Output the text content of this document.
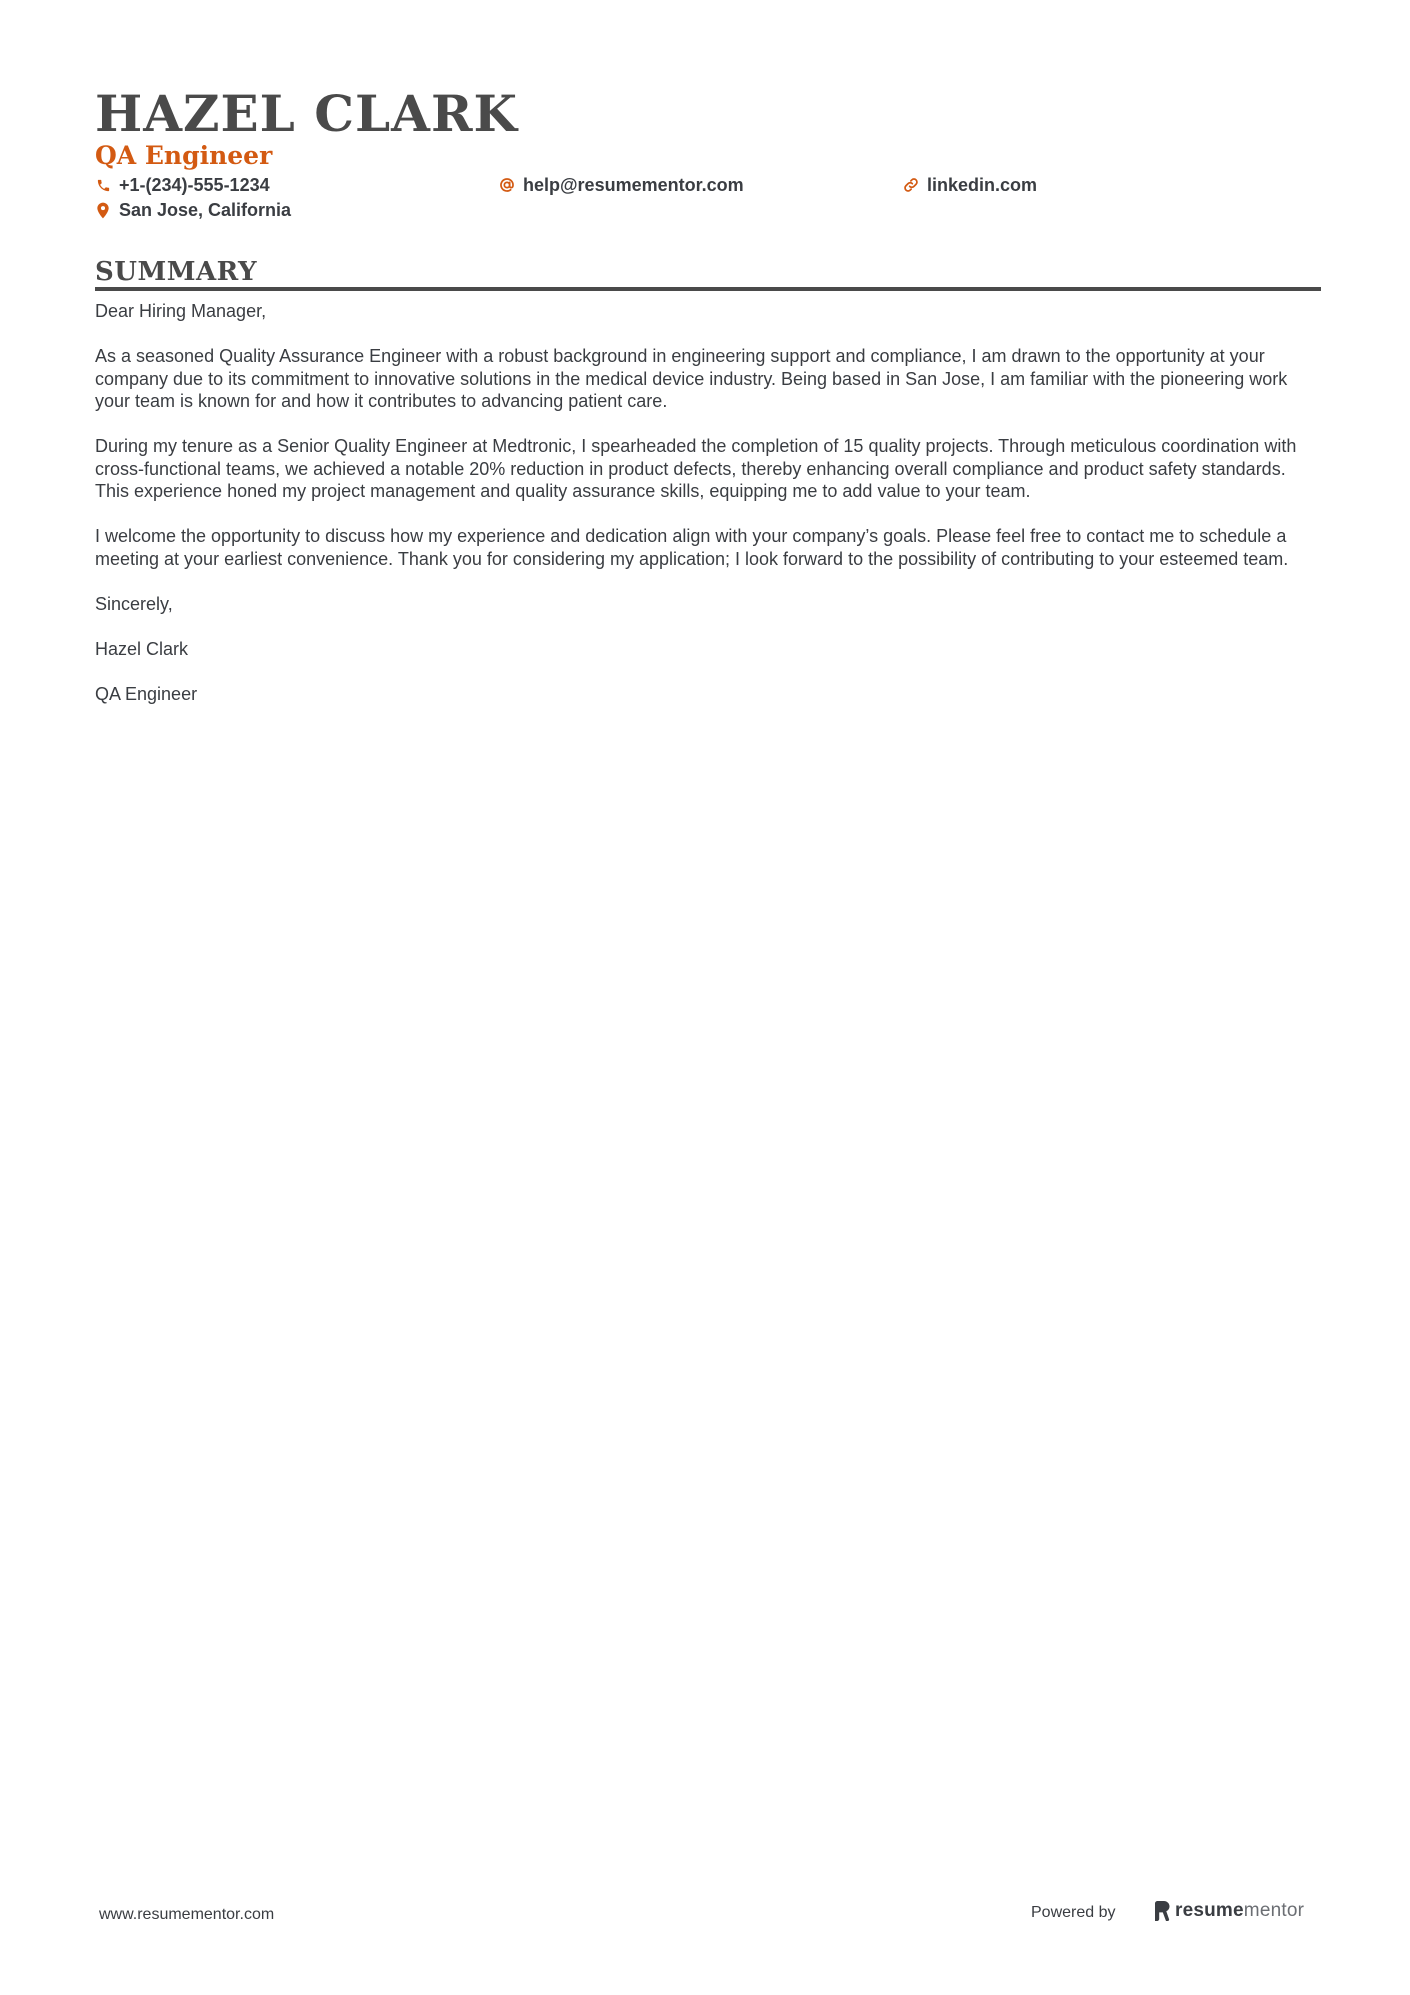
HAZEL CLARK
QA Engineer
+1-(234)-555-1234	help@resumementor.com	linkedin.com
San Jose, California
SUMMARY

Dear Hiring Manager,

As a seasoned Quality Assurance Engineer with a robust background in engineering support and compliance, I am drawn to the opportunity at your company due to its commitment to innovative solutions in the medical device industry. Being based in San Jose, I am familiar with the pioneering work your team is known for and how it contributes to advancing patient care.

During my tenure as a Senior Quality Engineer at Medtronic, I spearheaded the completion of 15 quality projects. Through meticulous coordination with cross-functional teams, we achieved a notable 20% reduction in product defects, thereby enhancing overall compliance and product safety standards. This experience honed my project management and quality assurance skills, equipping me to add value to your team.

I welcome the opportunity to discuss how my experience and dedication align with your company’s goals. Please feel free to contact me to schedule a meeting at your earliest convenience. Thank you for considering my application; I look forward to the possibility of contributing to your esteemed team.

Sincerely,

Hazel Clark

QA Engineer

www.resumementor.com	Powered by	resumementor
